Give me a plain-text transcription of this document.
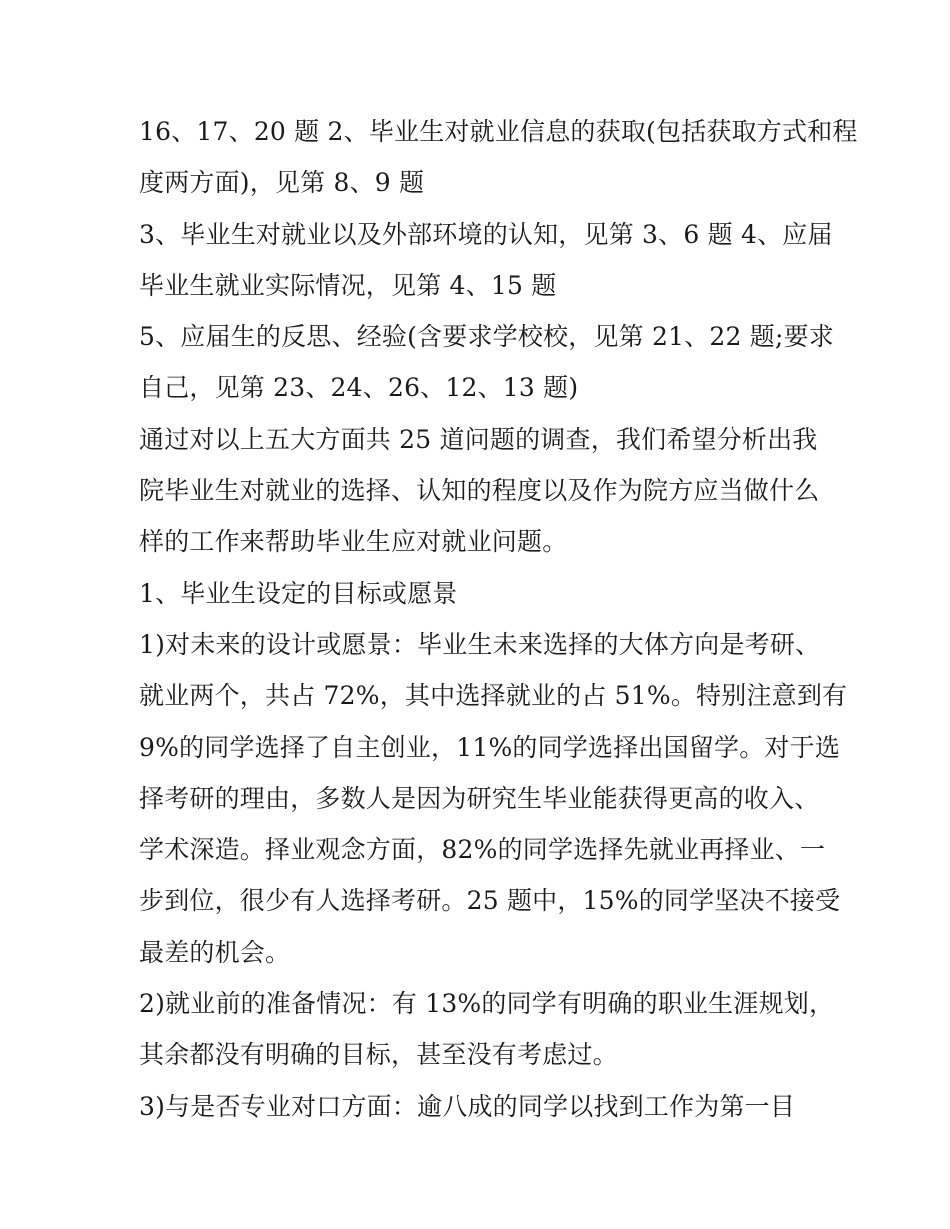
16、17、20 题 2、毕业生对就业信息的获取(包括获取方式和程
度两方面)，见第 8、9 题
3、毕业生对就业以及外部环境的认知，见第 3、6 题 4、应届
毕业生就业实际情况，见第 4、15 题
5、应届生的反思、经验(含要求学校校，见第 21、22 题;要求
自己，见第 23、24、26、12、13 题)
通过对以上五大方面共 25 道问题的调查，我们希望分析出我
院毕业生对就业的选择、认知的程度以及作为院方应当做什么
样的工作来帮助毕业生应对就业问题。
1、毕业生设定的目标或愿景
1)对未来的设计或愿景：毕业生未来选择的大体方向是考研、
就业两个，共占 72%，其中选择就业的占 51%。特别注意到有
9%的同学选择了自主创业，11%的同学选择出国留学。对于选
择考研的理由，多数人是因为研究生毕业能获得更高的收入、
学术深造。择业观念方面，82%的同学选择先就业再择业、一
步到位，很少有人选择考研。25 题中，15%的同学坚决不接受
最差的机会。
2)就业前的准备情况：有 13%的同学有明确的职业生涯规划，
其余都没有明确的目标，甚至没有考虑过。
3)与是否专业对口方面：逾八成的同学以找到工作为第一目
